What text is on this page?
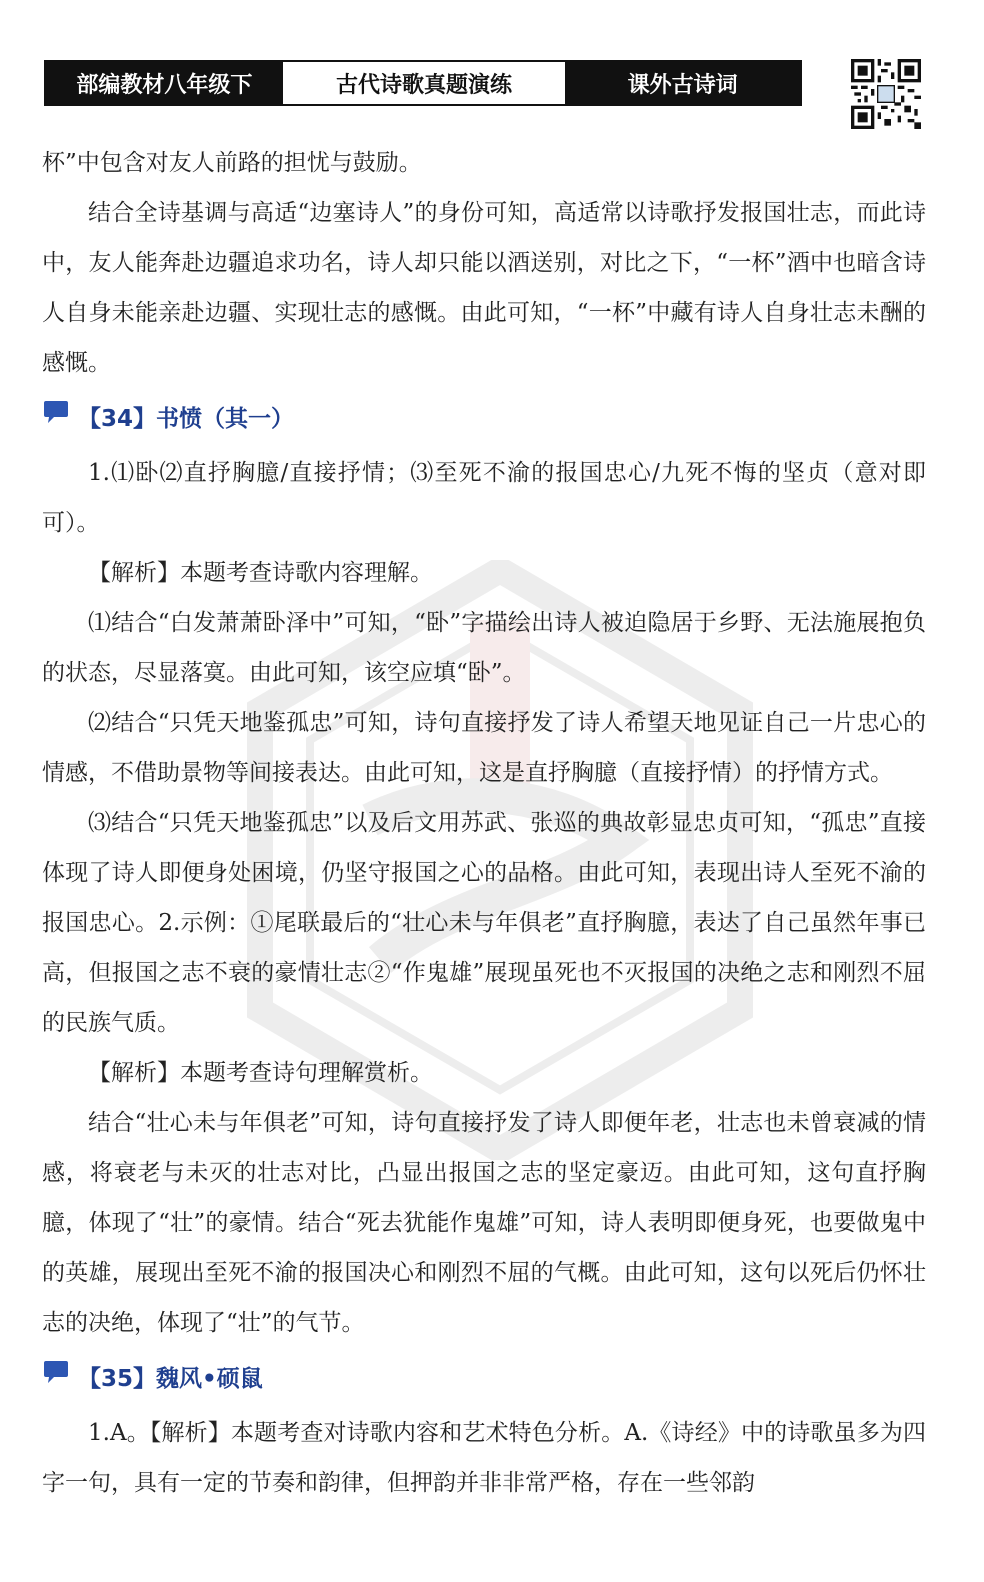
部编教材八年级下	古代诗歌真题演练	课外古诗词

杯”中包含对友人前路的担忧与鼓励。

结合全诗基调与高适“边塞诗人”的身份可知，高适常以诗歌抒发报国壮志，而此诗中，友人能奔赴边疆追求功名，诗人却只能以酒送别，对比之下，“一杯”酒中也暗含诗人自身未能亲赴边疆、实现壮志的感慨。由此可知，“一杯”中藏有诗人自身壮志未酬的感慨。

【34】书愤（其一）

1.⑴卧⑵直抒胸臆/直接抒情；⑶至死不渝的报国忠心/九死不悔的坚贞（意对即可）。

【解析】本题考查诗歌内容理解。

⑴结合“白发萧萧卧泽中”可知，“卧”字描绘出诗人被迫隐居于乡野、无法施展抱负的状态，尽显落寞。由此可知，该空应填“卧”。

⑵结合“只凭天地鉴孤忠”可知，诗句直接抒发了诗人希望天地见证自己一片忠心的情感，不借助景物等间接表达。由此可知，这是直抒胸臆（直接抒情）的抒情方式。

⑶结合“只凭天地鉴孤忠”以及后文用苏武、张巡的典故彰显忠贞可知，“孤忠”直接体现了诗人即便身处困境，仍坚守报国之心的品格。由此可知，表现出诗人至死不渝的报国忠心。2.示例：①尾联最后的“壮心未与年俱老”直抒胸臆，表达了自己虽然年事已高，但报国之志不衰的豪情壮志②“作鬼雄”展现虽死也不灭报国的决绝之志和刚烈不屈的民族气质。

【解析】本题考查诗句理解赏析。

结合“壮心未与年俱老”可知，诗句直接抒发了诗人即便年老，壮志也未曾衰减的情感，将衰老与未灭的壮志对比，凸显出报国之志的坚定豪迈。由此可知，这句直抒胸臆，体现了“壮”的豪情。结合“死去犹能作鬼雄”可知，诗人表明即便身死，也要做鬼中的英雄，展现出至死不渝的报国决心和刚烈不屈的气概。由此可知，这句以死后仍怀壮志的决绝，体现了“壮”的气节。

【35】魏风•硕鼠

1.A。【解析】本题考查对诗歌内容和艺术特色分析。A.《诗经》中的诗歌虽多为四字一句，具有一定的节奏和韵律，但押韵并非非常严格，存在一些邻韵
